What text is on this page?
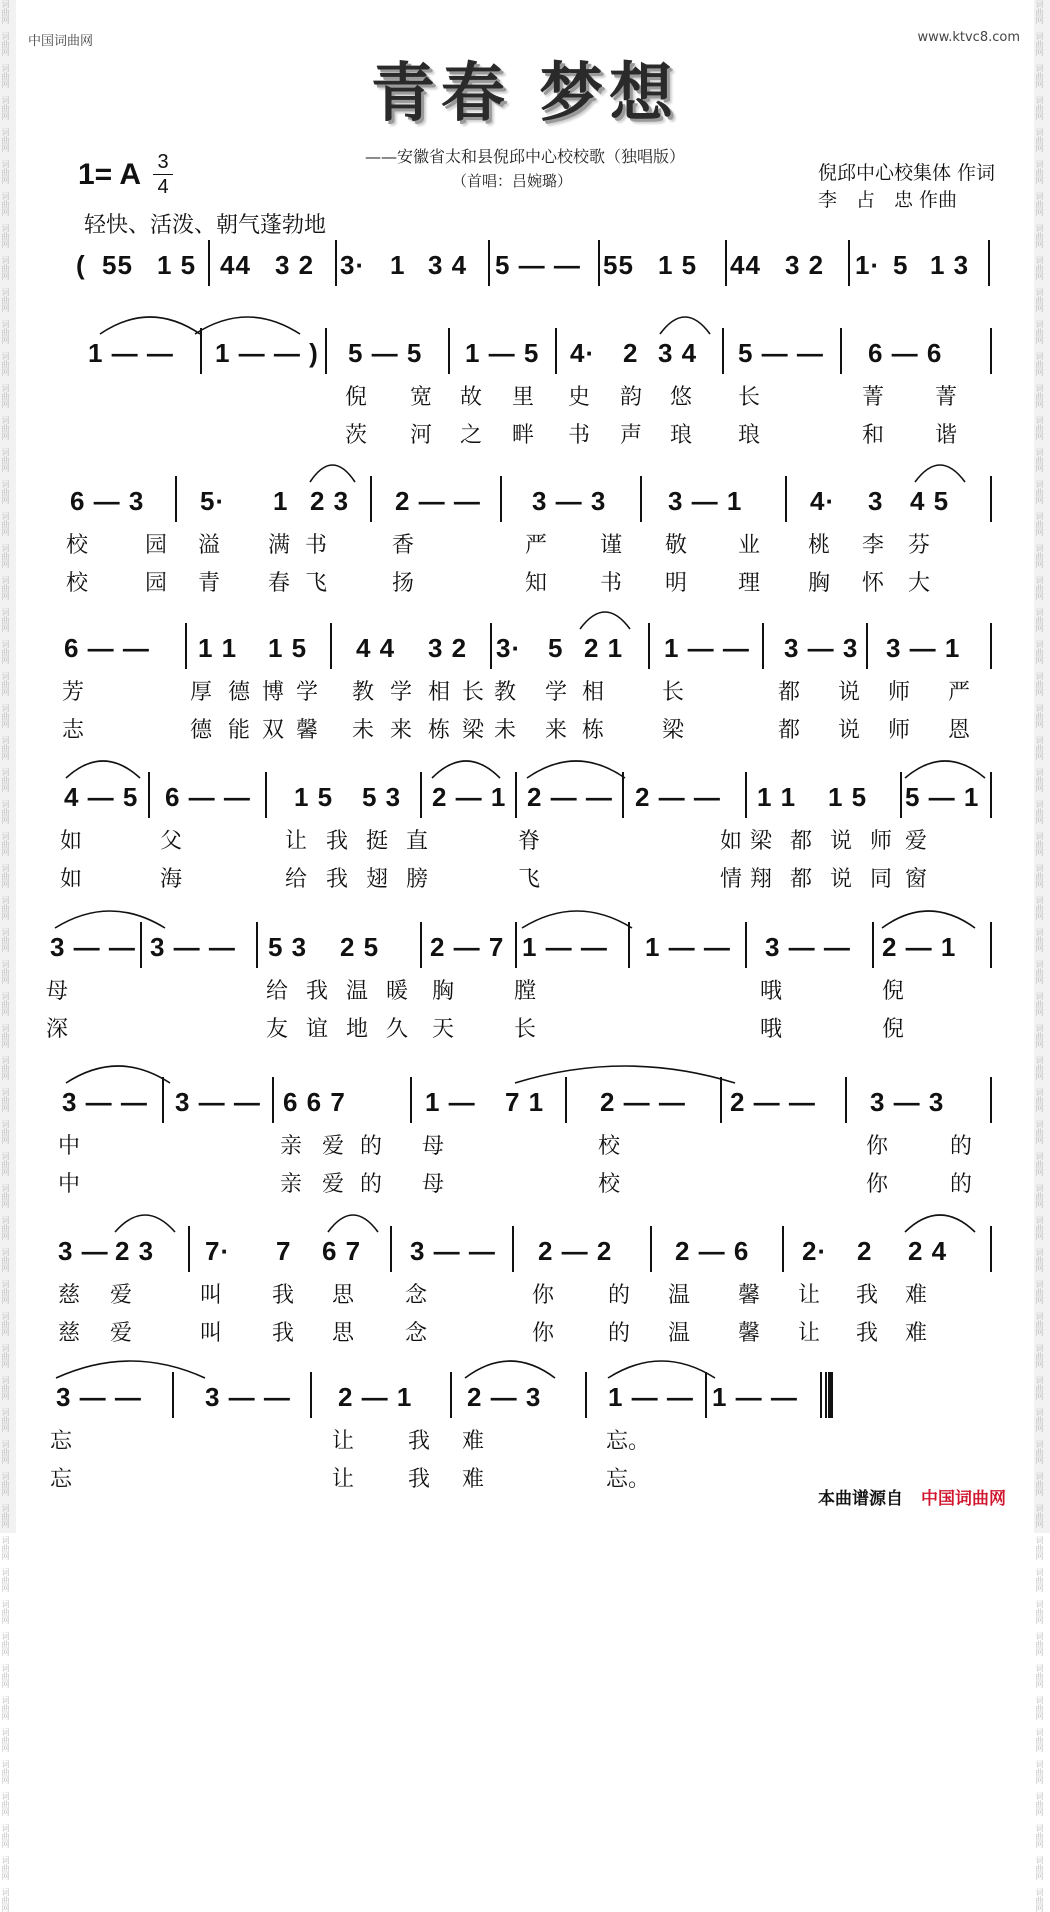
词曲网
词曲网
词曲网
词曲网
词曲网
词曲网
词曲网
词曲网
词曲网
词曲网
词曲网
词曲网
词曲网
词曲网
词曲网
词曲网
词曲网
词曲网
词曲网
词曲网
词曲网
词曲网
词曲网
词曲网
词曲网
词曲网
词曲网
词曲网
词曲网
词曲网
词曲网
词曲网
词曲网
词曲网
词曲网
词曲网
词曲网
词曲网
词曲网
词曲网
词曲网
词曲网
词曲网
词曲网
词曲网
词曲网
词曲网
词曲网
词曲网
词曲网
词曲网
词曲网
词曲网
词曲网
词曲网
词曲网
词曲网
词曲网
词曲网
词曲网
词曲网
词曲网
词曲网
词曲网
词曲网
词曲网
词曲网
词曲网
词曲网
词曲网
词曲网
词曲网
词曲网
词曲网
词曲网
词曲网
词曲网
词曲网
词曲网
词曲网
词曲网
词曲网
词曲网
词曲网
词曲网
词曲网
词曲网
词曲网
词曲网
词曲网
词曲网
词曲网
词曲网
词曲网
词曲网
词曲网
词曲网
词曲网
词曲网
词曲网
词曲网
词曲网
词曲网
词曲网
词曲网
词曲网
词曲网
词曲网
词曲网
词曲网
词曲网
词曲网
词曲网
词曲网
词曲网
词曲网
词曲网
词曲网
词曲网
词曲网
中国词曲网	www.ktvc8.com
青春 梦想
——安徽省太和县倪邱中心校校歌（独唱版）
（首唱：吕婉璐）
1= A 3
4
轻快、活泼、朝气蓬勃地
倪邱中心校集体 作词
李　占　忠 作曲
( 55 1 5 44 3 2 3· 1 3 4 5 — — 55 1 5 44 3 2 1· 5 1 3
1 — — 1 — — ) 5 — 5 1 — 5 4· 2 3 4 5 — — 6 — 6
倪 宽 故 里 史 韵 悠 长	菁 菁
茨 河 之 畔 书 声 琅 琅	和 谐
6 — 3 5· 1 2 3 2 — — 3 — 3 3 — 1	4· 3 4 5
校	园 溢 满 书	香	严 谨 敬 业 桃 李 芬
校	园 青 春 飞	扬	知 书 明 理 胸 怀 大
6 — — 1 1 1 5 4 4 3 2 3· 5 2 1 1 — — 3 — 3 3 — 1
芳	厚 德 博 学 教 学 相 长 教 学 相	长	都 说 师 严
志	德 能 双 馨 未 来 栋 梁 未 来 栋	梁	都 说 师 恩
4 — 5 6 — — 1 5 5 3 2 — 1 2 — — 2 — — 1 1 1 5 5 — 1
如	父	让 我 挺 直	脊	梁 都 说 师 爱
如
如	海	给 我 翅 膀	飞	翔 都 说 同 窗
情
3 — — 3 — — 5 3 2 5 2 — 7 1 — — 1 — — 3 — — 2 — 1
母	给 我 温 暖 胸	膛	哦	倪
深	友 谊 地 久 天	长	哦	倪
3 — — 3 — — 6 6 7	1 — 7 1 2 — — 2 — — 3 — 3
中	亲 爱 的 母	校	你	的
中	亲 爱 的 母	校	你	的
3 — 2 3 7· 7 6 7 3 — — 2 — 2 2 — 6 2· 2 2 4
慈 爱	叫 我 思 念	你 的 温 馨 让 我 难
慈 爱	叫 我 思 念	你 的 温 馨 让 我 难
3 — — 3 — — 2 — 1 2 — 3	1 — — 1 — —
忘	让 我 难	忘。
忘	让 我 难	忘。
本曲谱源自 中国词曲网
